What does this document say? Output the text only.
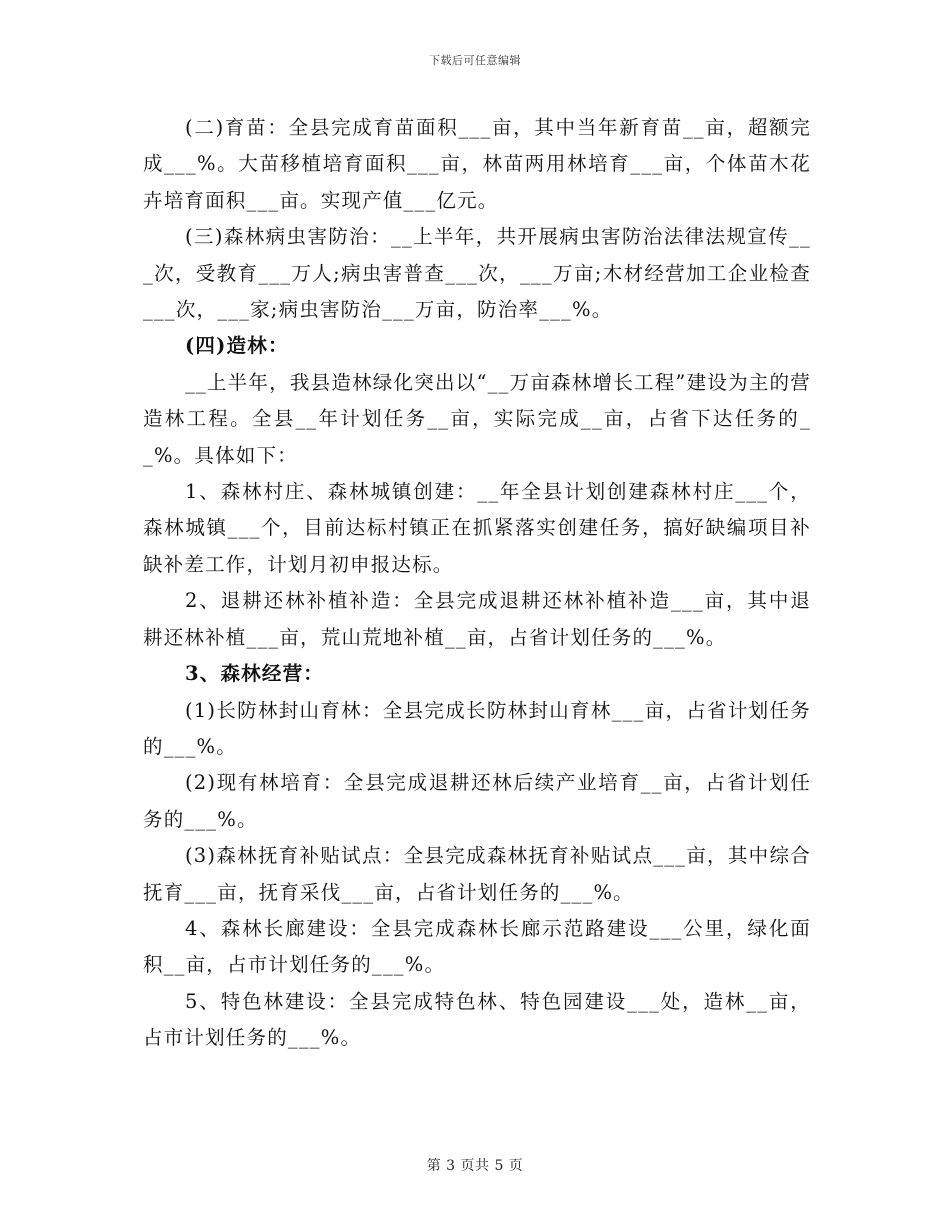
下载后可任意编辑

(二)育苗：全县完成育苗面积___亩，其中当年新育苗__亩，超额完成___%。大苗移植培育面积___亩，林苗两用林培育___亩，个体苗木花卉培育面积___亩。实现产值___亿元。

(三)森林病虫害防治：__上半年，共开展病虫害防治法律法规宣传___次，受教育___万人;病虫害普查___次，___万亩;木材经营加工企业检查___次，___家;病虫害防治___万亩，防治率___%。

(四)造林：

__上半年，我县造林绿化突出以“__万亩森林增长工程”建设为主的营造林工程。全县__年计划任务__亩，实际完成__亩，占省下达任务的__%。具体如下：

1、森林村庄、森林城镇创建：__年全县计划创建森林村庄___个，森林城镇___个，目前达标村镇正在抓紧落实创建任务，搞好缺编项目补缺补差工作，计划月初申报达标。

2、退耕还林补植补造：全县完成退耕还林补植补造___亩，其中退耕还林补植___亩，荒山荒地补植__亩，占省计划任务的___%。

3、森林经营：

(1)长防林封山育林：全县完成长防林封山育林___亩，占省计划任务的___%。

(2)现有林培育：全县完成退耕还林后续产业培育__亩，占省计划任务的___%。

(3)森林抚育补贴试点：全县完成森林抚育补贴试点___亩，其中综合抚育___亩，抚育采伐___亩，占省计划任务的___%。

4、森林长廊建设：全县完成森林长廊示范路建设___公里，绿化面积__亩，占市计划任务的___%。

5、特色林建设：全县完成特色林、特色园建设___处，造林__亩，占市计划任务的___%。

第 3 页共 5 页
